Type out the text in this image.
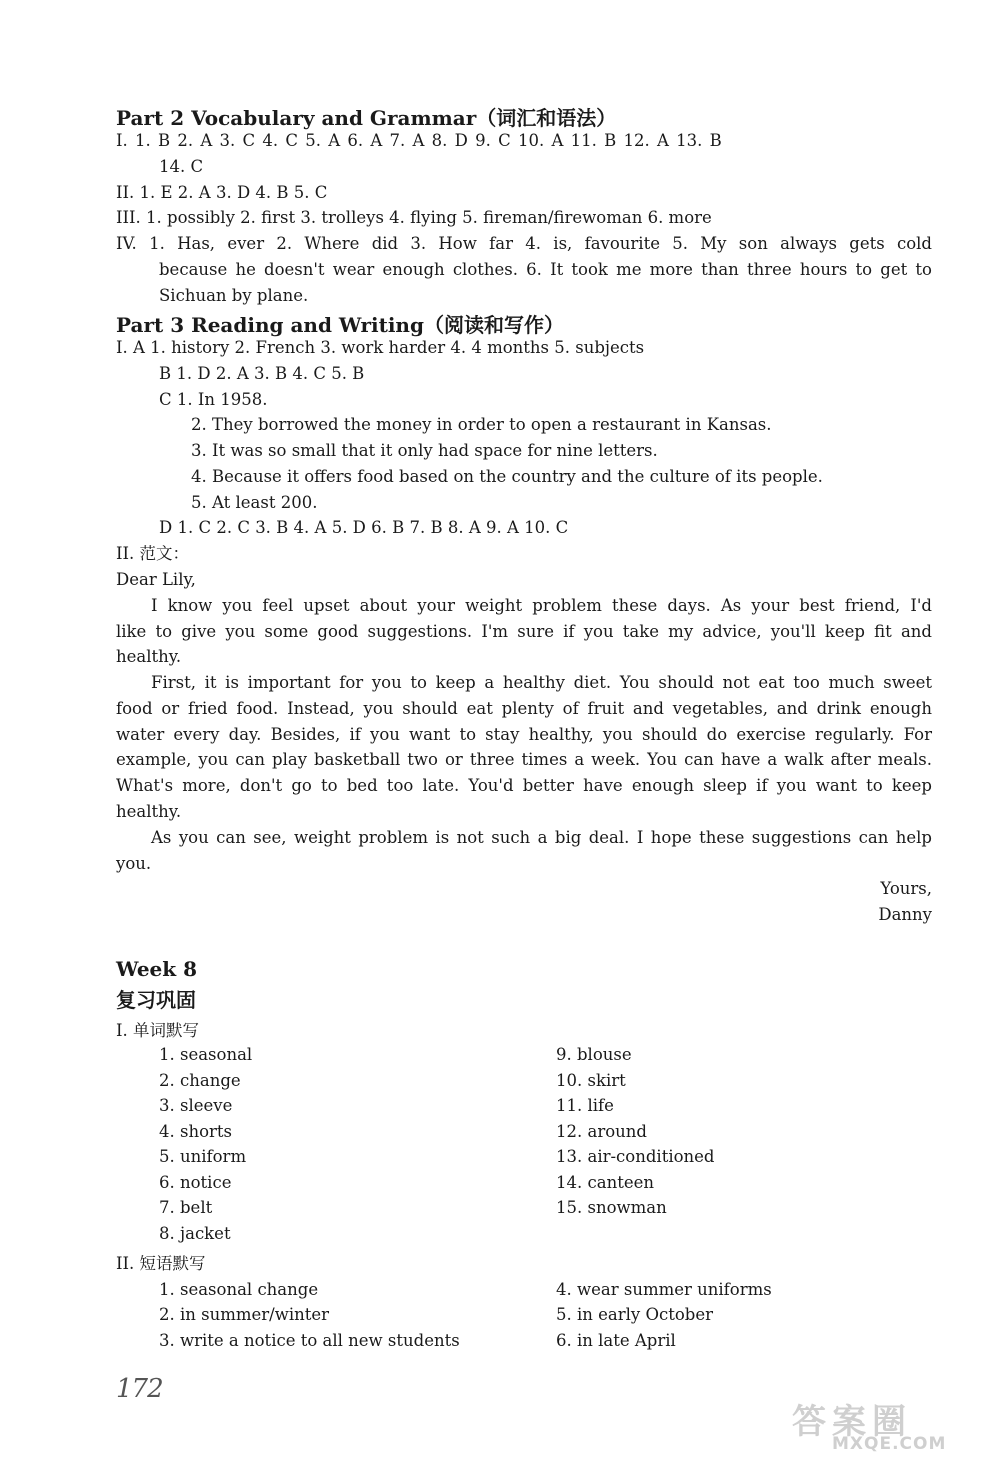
Part 2 Vocabulary and Grammar（词汇和语法）
I. 1. B 2. A 3. C 4. C 5. A 6. A 7. A 8. D 9. C 10. A 11. B 12. A 13. B
14. C
II. 1. E 2. A 3. D 4. B 5. C
III. 1. possibly 2. first 3. trolleys 4. flying 5. fireman/firewoman 6. more
IV. 1. Has, ever 2. Where did 3. How far 4. is, favourite 5. My son always gets cold
because he doesn't wear enough clothes. 6. It took me more than three hours to get to
Sichuan by plane.
Part 3 Reading and Writing（阅读和写作）
I. A 1. history 2. French 3. work harder 4. 4 months 5. subjects
B 1. D 2. A 3. B 4. C 5. B
C 1. In 1958.
2. They borrowed the money in order to open a restaurant in Kansas.
3. It was so small that it only had space for nine letters.
4. Because it offers food based on the country and the culture of its people.
5. At least 200.
D 1. C 2. C 3. B 4. A 5. D 6. B 7. B 8. A 9. A 10. C
II. 范文：
Dear Lily,
I know you feel upset about your weight problem these days. As your best friend, I'd
like to give you some good suggestions. I'm sure if you take my advice, you'll keep fit and
healthy.
First, it is important for you to keep a healthy diet. You should not eat too much sweet
food or fried food. Instead, you should eat plenty of fruit and vegetables, and drink enough
water every day. Besides, if you want to stay healthy, you should do exercise regularly. For
example, you can play basketball two or three times a week. You can have a walk after meals.
What's more, don't go to bed too late. You'd better have enough sleep if you want to keep
healthy.
As you can see, weight problem is not such a big deal. I hope these suggestions can help
you.
Yours,
Danny
Week 8
复习巩固
I. 单词默写
1. seasonal
2. change
3. sleeve
4. shorts
5. uniform
6. notice
7. belt
8. jacket
9. blouse
10. skirt
11. life
12. around
13. air-conditioned
14. canteen
15. snowman
II. 短语默写
1. seasonal change
2. in summer/winter
3. write a notice to all new students
4. wear summer uniforms
5. in early October
6. in late April
172
答案圈
MXQE.COM
